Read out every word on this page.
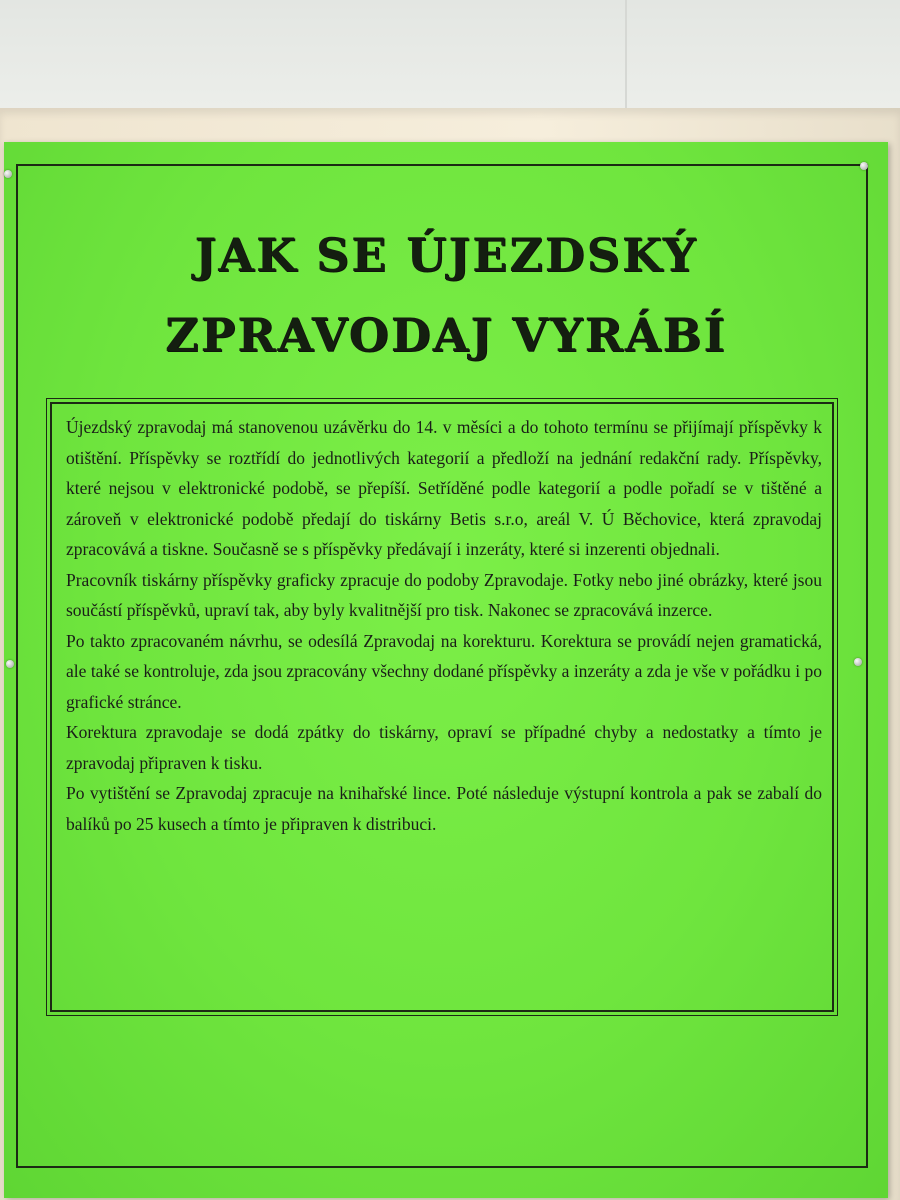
JAK SE ÚJEZDSKÝ
ZPRAVODAJ VYRÁBÍ

Újezdský zpravodaj má stanovenou uzávěrku do 14. v měsíci a do tohoto termínu se přijímají příspěvky k otištění. Příspěvky se roztřídí do jednotlivých kategorií a předloží na jednání redakční rady. Příspěvky, které nejsou v elektronické podobě, se přepíší. Setříděné podle kategorií a podle pořadí se v tištěné a zároveň v elektronické podobě předají do tiskárny Betis s.r.o, areál V. Ú Běchovice, která zpravodaj zpracovává a tiskne. Současně se s příspěvky předávají i inzeráty, které si inzerenti objednali.

Pracovník tiskárny příspěvky graficky zpracuje do podoby Zpravodaje. Fotky nebo jiné obrázky, které jsou součástí příspěvků, upraví tak, aby byly kvalitnější pro tisk. Nakonec se zpracovává inzerce.

Po takto zpracovaném návrhu, se odesílá Zpravodaj na korekturu. Korektura se provádí nejen gramatická, ale také se kontroluje, zda jsou zpracovány všechny dodané příspěvky a inzeráty a zda je vše v pořádku i po grafické stránce.

Korektura zpravodaje se dodá zpátky do tiskárny, opraví se případné chyby a nedostatky a tímto je zpravodaj připraven k tisku.

Po vytištění se Zpravodaj zpracuje na knihařské lince. Poté následuje výstupní kontrola a pak se zabalí do balíků po 25 kusech a tímto je připraven k distribuci.
